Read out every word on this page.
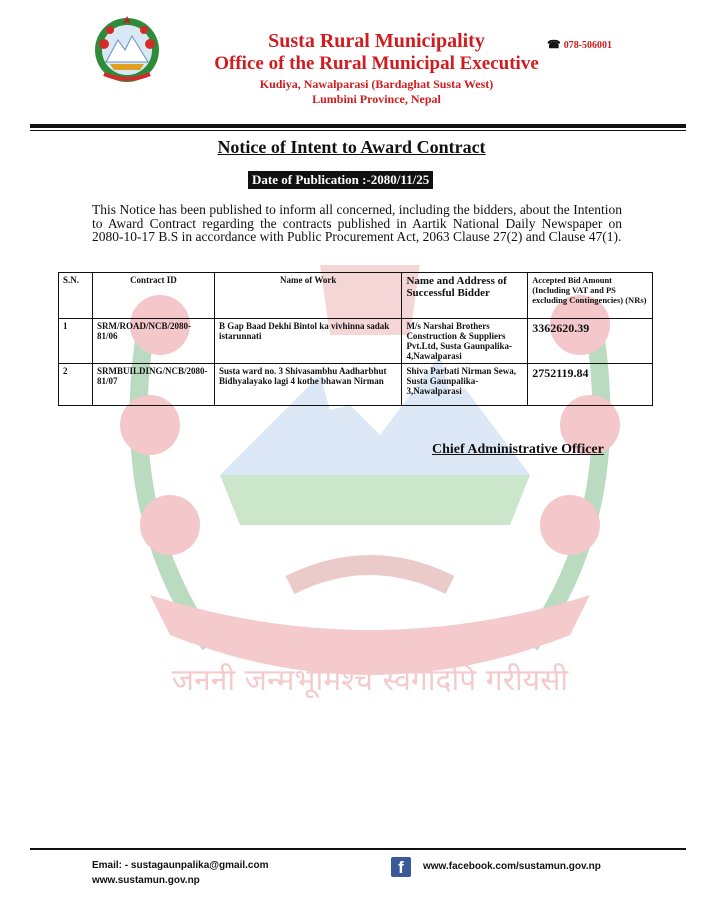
Susta Rural Municipality
Office of the Rural Municipal Executive
Kudiya, Nawalparasi (Bardaghat Susta West)
Lumbini Province, Nepal
☎ 078-506001
जननी जन्मभूमिश्च स्वर्गादपि गरीयसी
Notice of Intent to Award Contract
Date of Publication :-2080/11/25
This Notice has been published to inform all concerned, including the bidders, about the Intention to Award Contract regarding the contracts published in Aartik National Daily Newspaper on 2080-10-17 B.S in accordance with Public Procurement Act, 2063 Clause 27(2) and Clause 47(1).
S.N.	Contract ID	Name of Work	Name and Address of Successful Bidder	Accepted Bid Amount (Including VAT and PS excluding Contingencies) (NRs)
1	SRM/ROAD/NCB/2080-81/06	B Gap Baad Dekhi Bintol ka vivhinna sadak istarunnati	M/s Narshai Brothers Construction & Suppliers Pvt.Ltd, Susta Gaunpalika-4,Nawalparasi	3362620.39
2	SRMBUILDING/NCB/2080-81/07	Susta ward no. 3 Shivasambhu Aadharbhut Bidhyalayako lagi 4 kothe bhawan Nirman	Shiva Parbati Nirman Sewa, Susta Gaunpalika-3,Nawalparasi	2752119.84
Chief Administrative Officer
Email: - sustagaunpalika@gmail.com
www.sustamun.gov.np
f	www.facebook.com/sustamun.gov.np
